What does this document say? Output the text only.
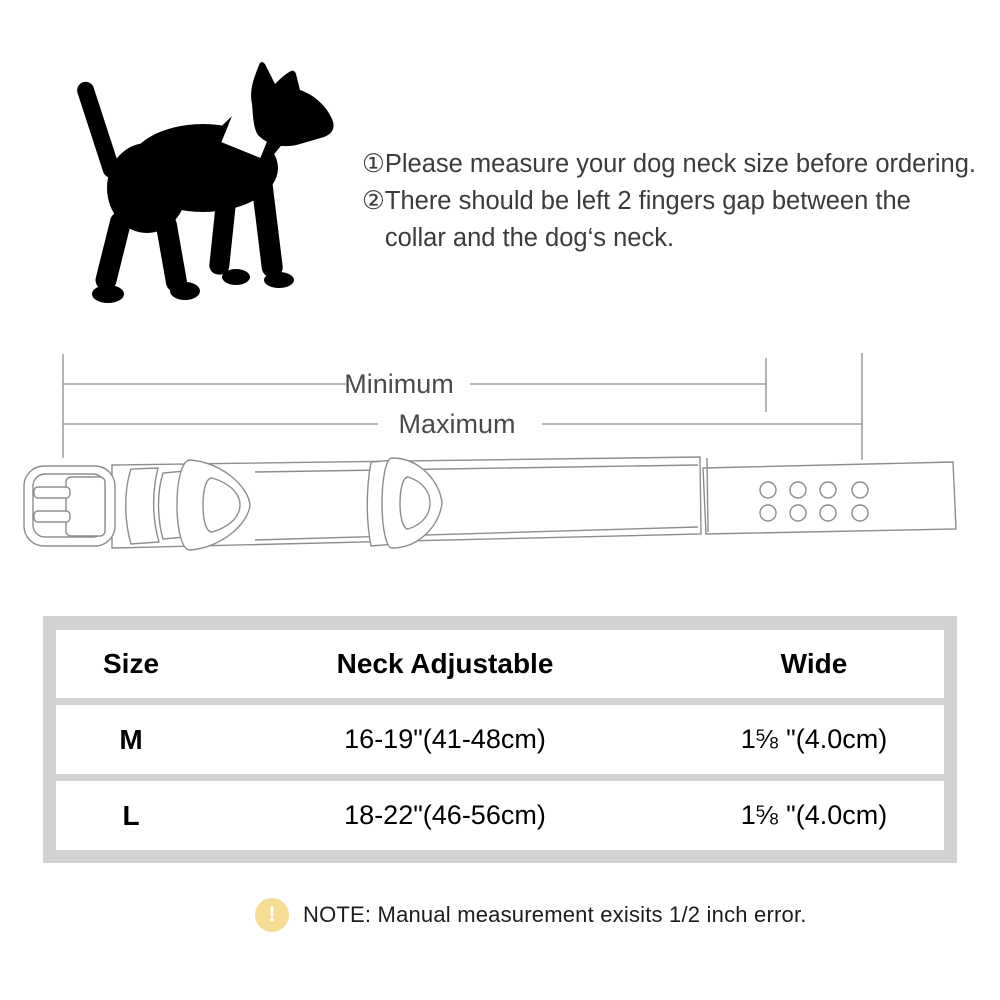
① Please measure your dog neck size before ordering.
② There should be left 2 fingers gap between the
collar and the dog‘s neck.
Minimum
Maximum
Size	Neck Adjustable	Wide
M	16-19"(41-48cm)	$1^5⁄_8$ "(4.0cm)
L	18-22"(46-56cm)	$1^5⁄_8$ "(4.0cm)
!	NOTE: Manual measurement exisits 1/2 inch error.
